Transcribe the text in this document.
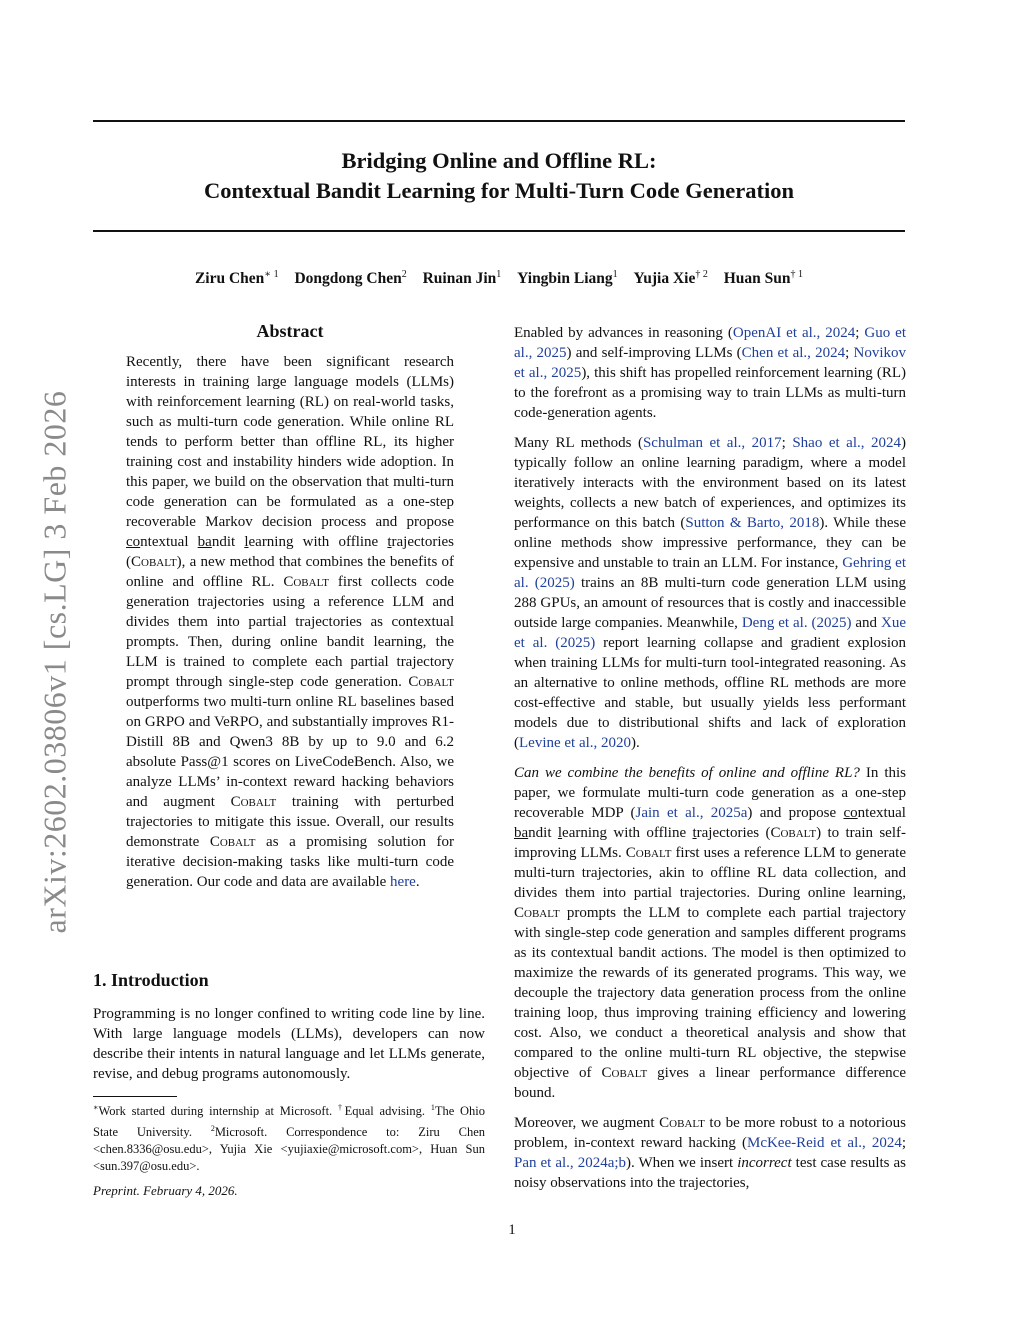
Bridging Online and Offline RL:
Contextual Bandit Learning for Multi-Turn Code Generation
Ziru Chen$^{∗ 1}$ Dongdong Chen$^2$ Ruinan Jin$^1$ Yingbin Liang$^1$ Yujia Xie$^{\dagger 2}$ Huan Sun$^{\dagger 1}$
arXiv:2602.03806v1 [cs.LG] 3 Feb 2026
Abstract

Recently, there have been significant research interests in training large language models (LLMs) with reinforcement learning (RL) on real-world tasks, such as multi-turn code generation. While online RL tends to perform better than offline RL, its higher training cost and instability hinders wide adoption. In this paper, we build on the observation that multi-turn code generation can be formulated as a one-step recoverable Markov decision process and propose contextual bandit learning with offline trajectories (Cobalt), a new method that combines the benefits of online and offline RL. Cobalt first collects code generation trajectories using a reference LLM and divides them into partial trajectories as contextual prompts. Then, during online bandit learning, the LLM is trained to complete each partial trajectory prompt through single-step code generation. Cobalt outperforms two multi-turn online RL baselines based on GRPO and VeRPO, and substantially improves R1-Distill 8B and Qwen3 8B by up to 9.0 and 6.2 absolute Pass@1 scores on LiveCodeBench. Also, we analyze LLMs’ in-context reward hacking behaviors and augment Cobalt training with perturbed trajectories to mitigate this issue. Overall, our results demonstrate Cobalt as a promising solution for iterative decision-making tasks like multi-turn code generation. Our code and data are available here.

1. Introduction

Programming is no longer confined to writing code line by line. With large language models (LLMs), developers can now describe their intents in natural language and let LLMs generate, revise, and debug programs autonomously.

∗Work started during internship at Microsoft. †Equal advising. $^1$The Ohio State University. $^2$Microsoft. Correspondence to: Ziru Chen <chen.8336@osu.edu>, Yujia Xie <yujiaxie@microsoft.com>, Huan Sun <sun.397@osu.edu>.

Preprint. February 4, 2026.

Enabled by advances in reasoning (OpenAI et al., 2024; Guo et al., 2025) and self-improving LLMs (Chen et al., 2024; Novikov et al., 2025), this shift has propelled reinforcement learning (RL) to the forefront as a promising way to train LLMs as multi-turn code-generation agents.

Many RL methods (Schulman et al., 2017; Shao et al., 2024) typically follow an online learning paradigm, where a model iteratively interacts with the environment based on its latest weights, collects a new batch of experiences, and optimizes its performance on this batch (Sutton & Barto, 2018). While these online methods show impressive performance, they can be expensive and unstable to train an LLM. For instance, Gehring et al. (2025) trains an 8B multi-turn code generation LLM using 288 GPUs, an amount of resources that is costly and inaccessible outside large companies. Meanwhile, Deng et al. (2025) and Xue et al. (2025) report learning collapse and gradient explosion when training LLMs for multi-turn tool-integrated reasoning. As an alternative to online methods, offline RL methods are more cost-effective and stable, but usually yields less performant models due to distributional shifts and lack of exploration (Levine et al., 2020).

Can we combine the benefits of online and offline RL? In this paper, we formulate multi-turn code generation as a one-step recoverable MDP (Jain et al., 2025a) and propose contextual bandit learning with offline trajectories (Cobalt) to train self-improving LLMs. Cobalt first uses a reference LLM to generate multi-turn trajectories, akin to offline RL data collection, and divides them into partial trajectories. During online learning, Cobalt prompts the LLM to complete each partial trajectory with single-step code generation and samples different programs as its contextual bandit actions. The model is then optimized to maximize the rewards of its generated programs. This way, we decouple the trajectory data generation process from the online training loop, thus improving training efficiency and lowering cost. Also, we conduct a theoretical analysis and show that compared to the online multi-turn RL objective, the stepwise objective of Cobalt gives a linear performance difference bound.

Moreover, we augment Cobalt to be more robust to a notorious problem, in-context reward hacking (McKee-Reid et al., 2024; Pan et al., 2024a;b). When we insert incorrect test case results as noisy observations into the trajectories,

1
